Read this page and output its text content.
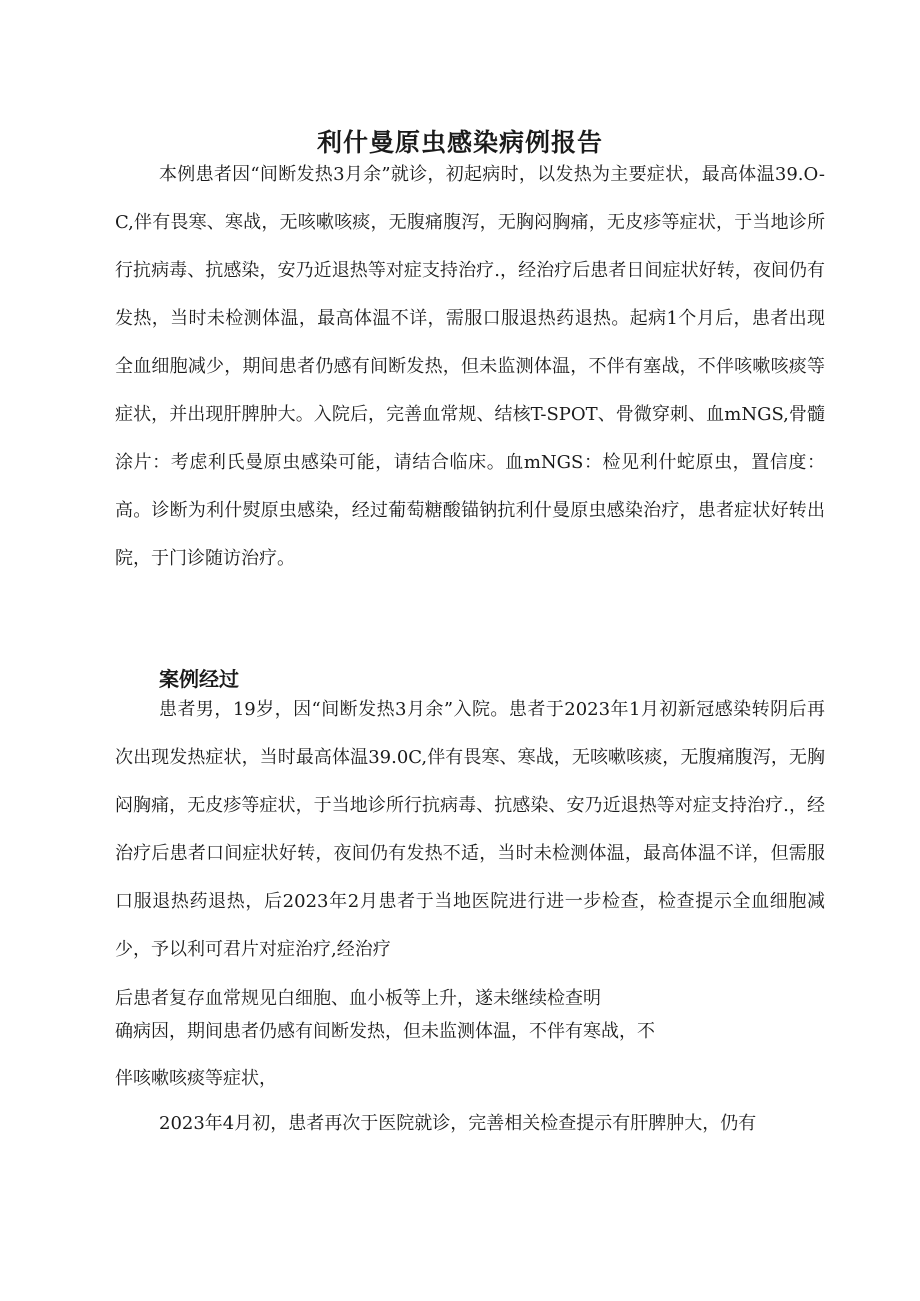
利什曼原虫感染病例报告

本例患者因“间断发热3月余”就诊，初起病时，以发热为主要症状，最高体温39.O-C,伴有畏寒、寒战，无咳嗽咳痰，无腹痛腹泻，无胸闷胸痛，无皮疹等症状，于当地诊所行抗病毒、抗感染，安乃近退热等对症支持治疗.，经治疗后患者日间症状好转，夜间仍有发热，当时未检测体温，最高体温不详，需服口服退热药退热。起病1个月后，患者出现全血细胞减少，期间患者仍感有间断发热，但未监测体温，不伴有塞战，不伴咳嗽咳痰等症状，并出现肝脾肿大。入院后，完善血常规、结核T-SPOT、骨微穿刺、血mNGS,骨髓涂片：考虑利氏曼原虫感染可能，请结合临床。血mNGS：检见利什蛇原虫，置信度：高。诊断为利什熨原虫感染，经过葡萄糖酸锚钠抗利什曼原虫感染治疗，患者症状好转出院，于门诊随访治疗。

案例经过

患者男，19岁，因“间断发热3月余”入院。患者于2023年1月初新冠感染转阴后再次出现发热症状，当时最高体温39.0C,伴有畏寒、寒战，无咳嗽咳痰，无腹痛腹泻，无胸闷胸痛，无皮疹等症状，于当地诊所行抗病毒、抗感染、安乃近退热等对症支持治疗.，经治疗后患者口间症状好转，夜间仍有发热不适，当时未检测体温，最高体温不详，但需服口服退热药退热，后2023年2月患者于当地医院进行进一步检查，检查提示全血细胞减少，予以利可君片对症治疗,经治疗

后患者复存血常规见白细胞、血小板等上升，遂未继续检查明
确病因，期间患者仍感有间断发热，但未监测体温，不伴有寒战，不
伴咳嗽咳痰等症状，

2023年4月初，患者再次于医院就诊，完善相关检查提示有肝脾肿大，仍有
